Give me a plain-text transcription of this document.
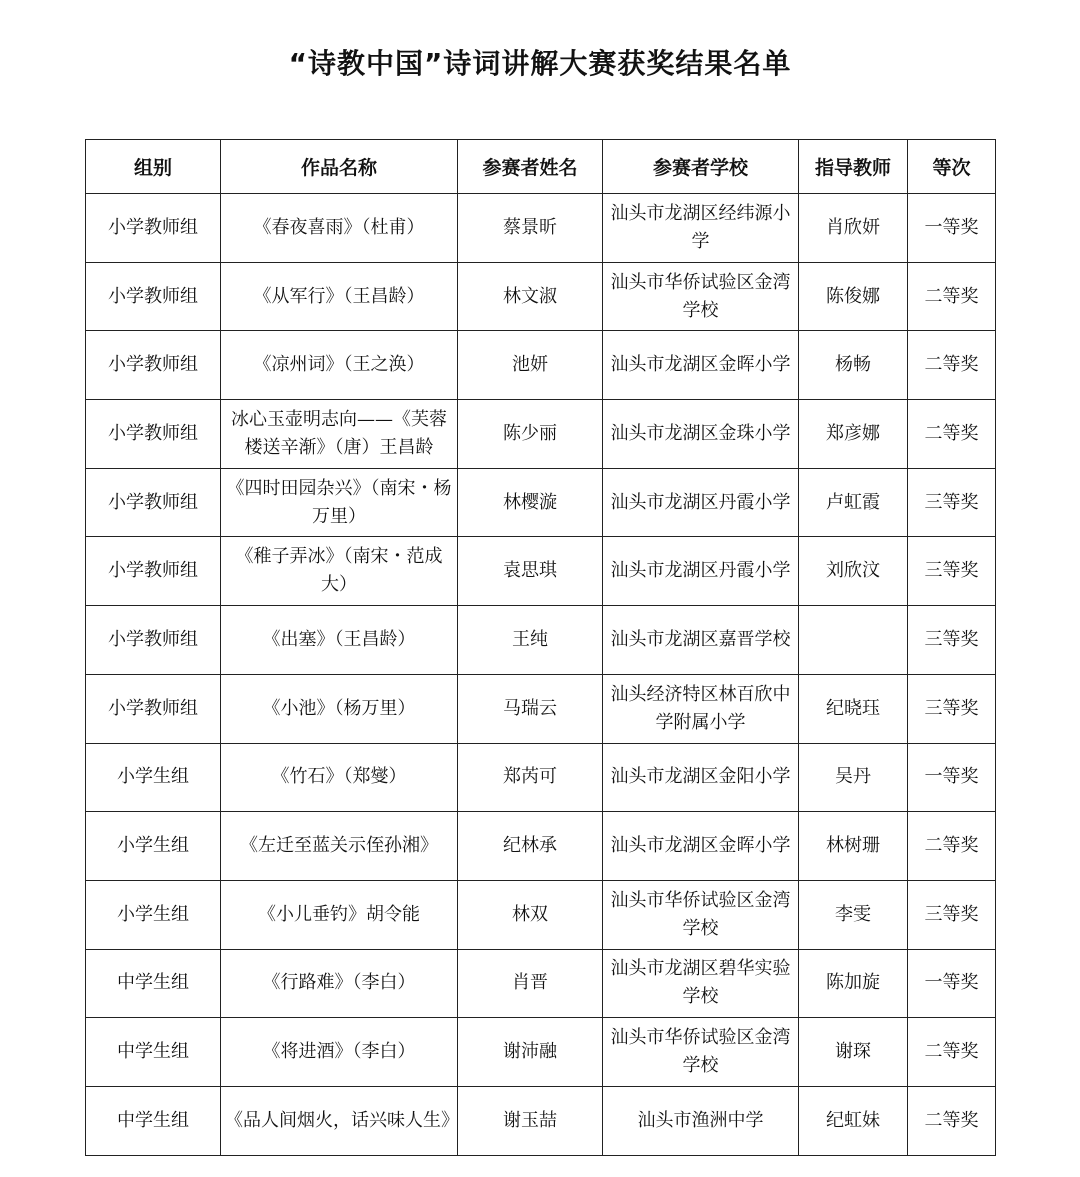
“诗教中国”诗词讲解大赛获奖结果名单
组别	作品名称	参赛者姓名	参赛者学校	指导教师	等次
小学教师组	《春夜喜雨》（杜甫）	蔡景昕	汕头市龙湖区经纬源小学	肖欣妍	一等奖
小学教师组	《从军行》（王昌龄）	林文淑	汕头市华侨试验区金湾学校	陈俊娜	二等奖
小学教师组	《凉州词》（王之涣）	池妍	汕头市龙湖区金晖小学	杨畅	二等奖
小学教师组	冰心玉壶明志向——《芙蓉楼送辛渐》（唐）王昌龄	陈少丽	汕头市龙湖区金珠小学	郑彦娜	二等奖
小学教师组	《四时田园杂兴》（南宋・杨万里）	林樱漩	汕头市龙湖区丹霞小学	卢虹霞	三等奖
小学教师组	《稚子弄冰》（南宋・范成大）	袁思琪	汕头市龙湖区丹霞小学	刘欣汶	三等奖
小学教师组	《出塞》（王昌龄）	王纯	汕头市龙湖区嘉晋学校		三等奖
小学教师组	《小池》（杨万里）	马瑞云	汕头经济特区林百欣中学附属小学	纪晓珏	三等奖
小学生组	《竹石》（郑燮）	郑芮可	汕头市龙湖区金阳小学	吴丹	一等奖
小学生组	《左迁至蓝关示侄孙湘》	纪林承	汕头市龙湖区金晖小学	林树珊	二等奖
小学生组	《小儿垂钓》胡令能	林双	汕头市华侨试验区金湾学校	李雯	三等奖
中学生组	《行路难》（李白）	肖晋	汕头市龙湖区碧华实验学校	陈加旋	一等奖
中学生组	《将进酒》（李白）	谢沛融	汕头市华侨试验区金湾学校	谢琛	二等奖
中学生组	《品人间烟火，话兴味人生》	谢玉喆	汕头市渔洲中学	纪虹妹	二等奖
